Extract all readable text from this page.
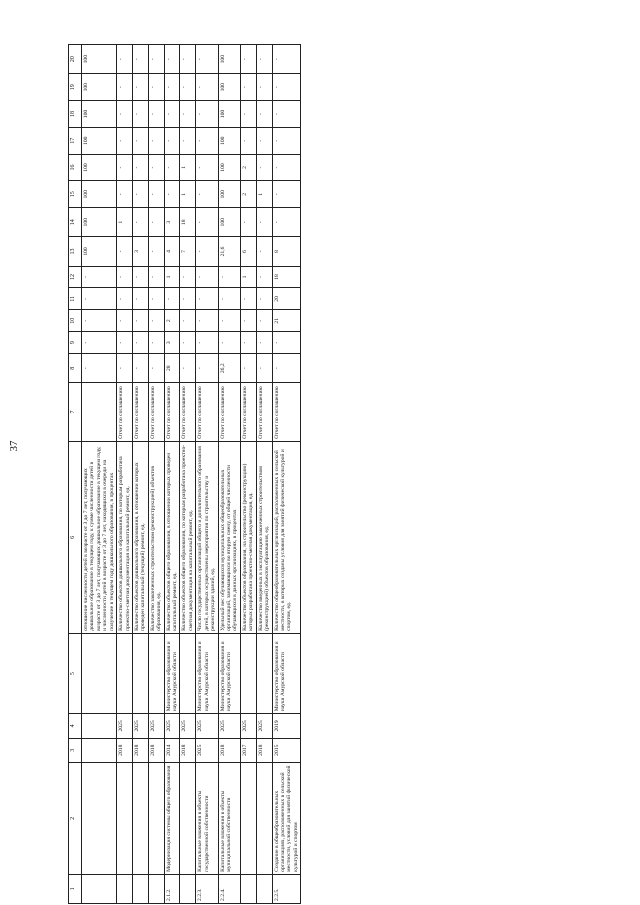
37
1	2	3	4	5	6	7	8	9	10	11	12	13	14	15	16	17	18	19	20
					отношение численности детей в возрасте от 3 до 7 лет, получающих дошкольное образование в текущем году, к сумме численности детей в возрасте от 3 до 7 лет, получающих дошкольное образование в текущем году, и численности детей в возрасте от 3 до 7 лет, находящихся в очереди на получение в текущем году дошкольного образования, в процентах		-	-	-	-	-	100	100	100	100	100	100	100	100
		2018	2025		Количество объектов дошкольного образования, по которым разработана проектно-сметная документация на капитальный ремонт, ед.	Отчет по соглашению	-	-	-	-	-	-	1	-	-	-	-	-	-
		2018	2025		Количество объектов дошкольного образования, в отношении которых проведен капитальный (текущий) ремонт, ед.	Отчет по соглашению	-	-	-	-	-	3	-	-	-	-	-	-	-
		2018	2025		Количество законченных строительством (реконструкцией) объектов образования, ед.	Отчет по соглашению	-	-	-	-	-	-	-	-	-	-	-	-	-
2.1.2.	Модернизация системы общего образования	2014	2025	Министерство образования и науки Амурской области	Количество объектов общего образования, в отношении которых проведен капитальный ремонт, ед.	Отчет по соглашению	28	3	2	-	1	4	3	-	-	-	-	-	-
		2018	2025		Количество объектов общего образования, по которым разработана проектно-сметная документация на капитальный ремонт, ед.	Отчет по соглашению	-	-	-	-	-	7	18	1	1	-	-	-	-
2.2.3.	Капитальные вложения в объекты государственной собственности	2025	2025	Министерство образования и науки Амурской области	Число государственных организаций общего и дополнительного образования детей, в которых осуществлены мероприятия по строительству и реконструкции зданий, ед.	Отчет по соглашению	-	-	-	-	-	-	-	-	-	-	-	-	-
2.2.4.	Капитальные вложения в объекты муниципальной собственности	2018	2025	Министерство образования и науки Амурской области	Удельный вес обучающихся муниципальных общеобразовательных организаций, занимающихся во вторую смену, от общей численности обучающихся в данных организациях, в процентах	Отчет по соглашению	26,2	-	-	-	-	21,6	100	100	100	100	100	100	100
		2017	2025		Количество объектов образования, на строительство (реконструкцию) которых разработана проектно-сметная документация, ед.	Отчет по соглашению	-	-	-	-	1	6	-	2	2	-	-	-	-
		2018	2025		Количество введенных в эксплуатацию законченных строительством (реконструкцией) объектов образования, ед.	Отчет по соглашению	-	-	-	-	-	-	-	1	-	-	-	-	-
2.2.5.	Создание в общеобразовательных организациях, расположенных в сельской местности, условий для занятий физической культурой и спортом	2015	2019	Министерство образования и науки Амурской области	Количество общеобразовательных организаций, расположенных в сельской местности, в которых созданы условия для занятий физической культурой и спортом, ед.	Отчет по соглашению	-	-	21	20	18	8	-	-	-	-	-	-	-
